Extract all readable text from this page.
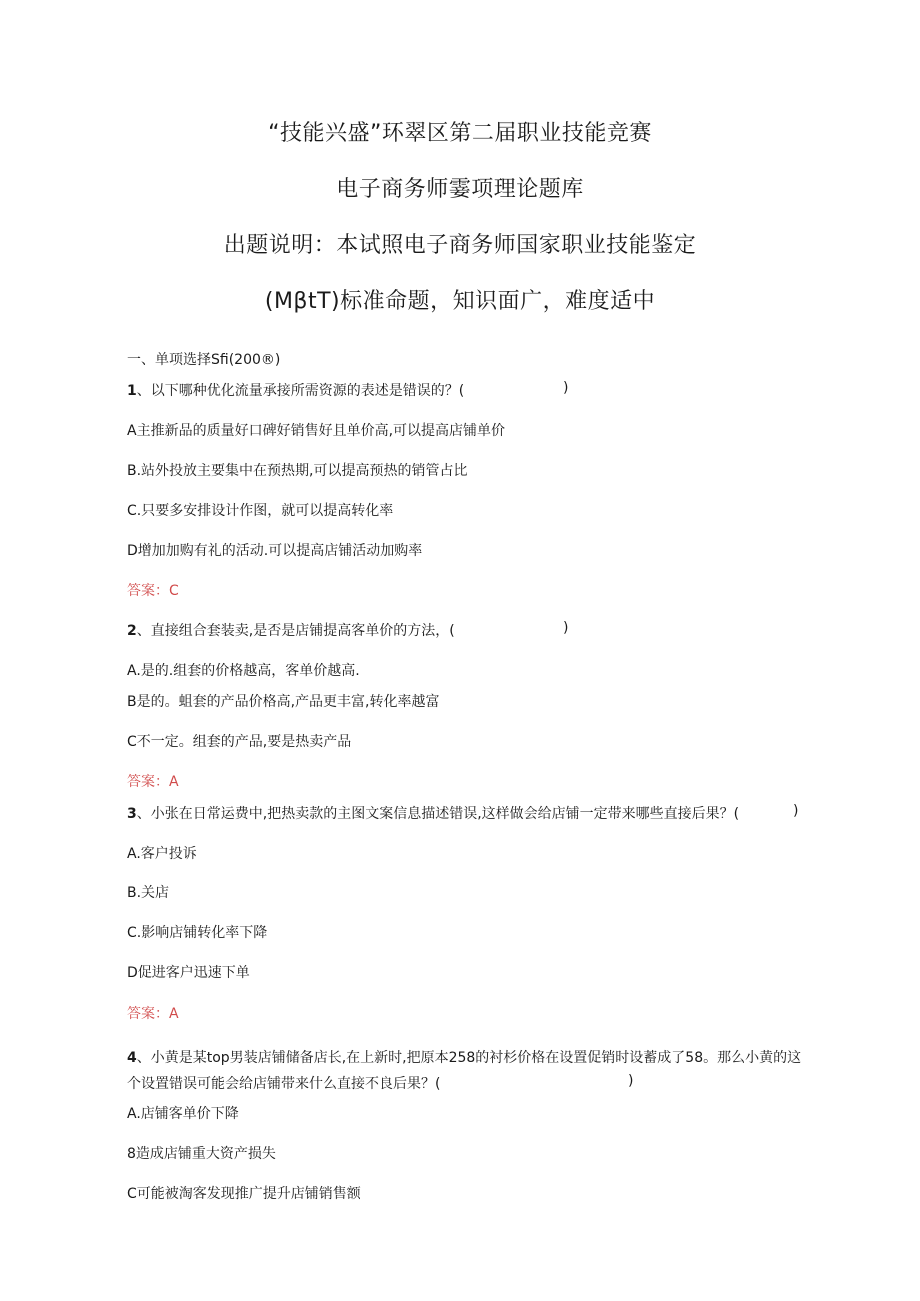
“技能兴盛”环翠区第二届职业技能竞赛
电子商务师霎项理论题库
出题说明：本试照电子商务师国家职业技能鉴定
(MβtT)标准命题，知识面广，难度适中
一、单项选择Sfi(200®)
1、以下哪种优化流量承接所需资源的表述是错误的？(	)
A主推新品的质量好口碑好销售好且单价高,可以提高店铺单价
B.站外投放主要集中在预热期,可以提高预热的销管占比
C.只要多安排设计作图，就可以提高转化率
D增加加购有礼的活动.可以提高店铺活动加购率
答案：C
2、直接组合套装卖,是否是店铺提高客单价的方法，(	)
A.是的.组套的价格越高，客单价越高.
B是的。蛆套的产品价格高,产品更丰富,转化率越富
C不一定。组套的产品,要是热卖产品
答案：A
3、小张在日常运费中,把热卖款的主图文案信息描述错误,这样做会给店铺一定带来哪些直接后果？(	)
A.客户投诉
B.关店
C.影响店铺转化率下降
D促进客户迅速下单
答案：A
4、小黄是某top男装店铺储备店长,在上新时,把原本258的衬杉价格在设置促销时设蓄成了58。那么小黄的这
个设置错误可能会给店铺带来什么直接不良后果？(	)
A.店铺客单价下降
8造成店铺重大资产损失
C可能被淘客发现推广提升店铺销售额
